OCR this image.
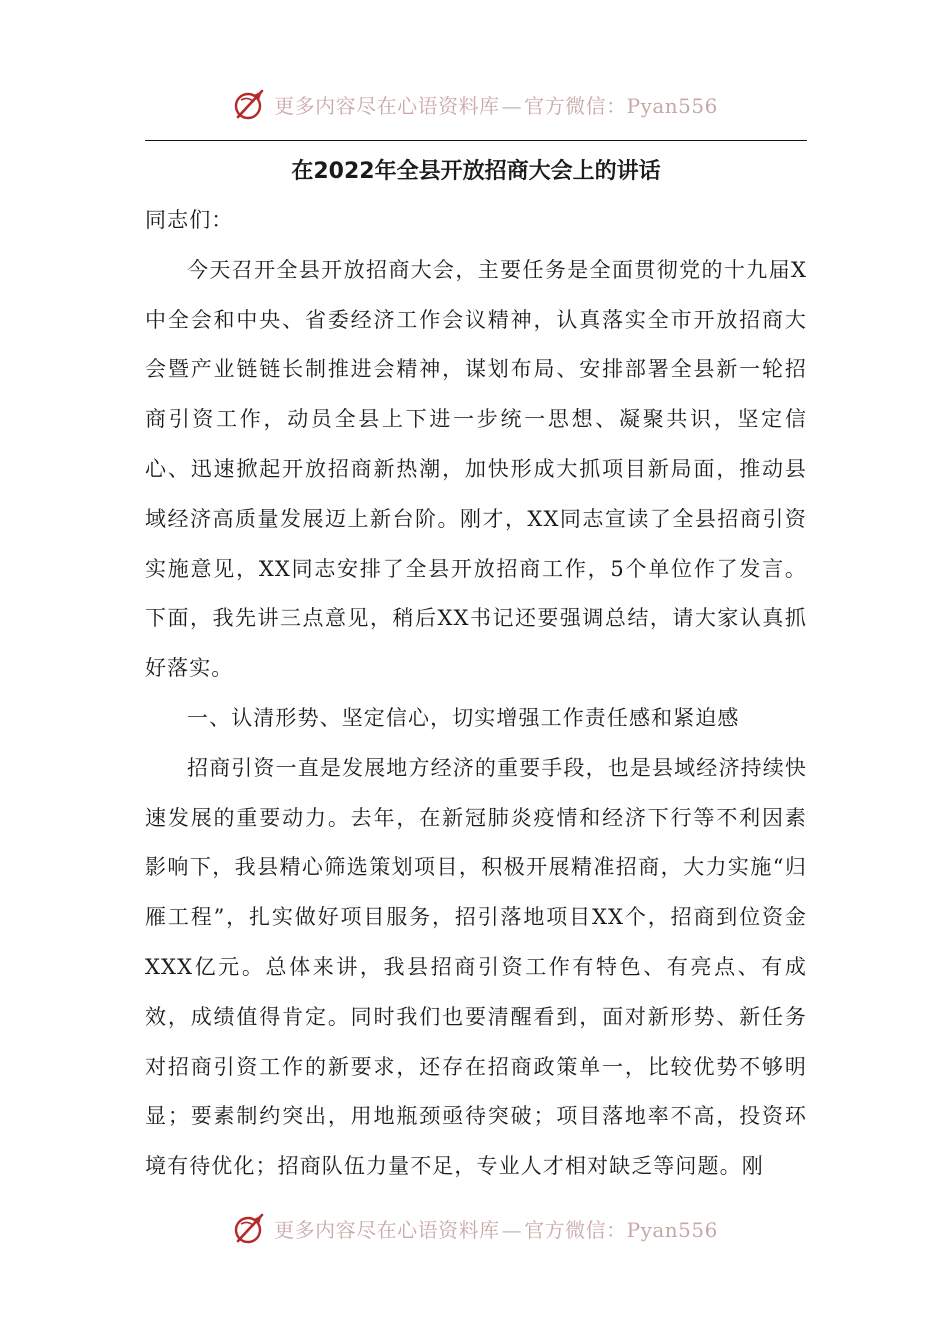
更多内容尽在心语资料库 — 官方微信：Pyan556
在2022年全县开放招商大会上的讲话

同志们：

今天召开全县开放招商大会，主要任务是全面贯彻党的十九届X中全会和中央、省委经济工作会议精神，认真落实全市开放招商大会暨产业链链长制推进会精神，谋划布局、安排部署全县新一轮招商引资工作，动员全县上下进一步统一思想、凝聚共识，坚定信心、迅速掀起开放招商新热潮，加快形成大抓项目新局面，推动县域经济高质量发展迈上新台阶。刚才，XX同志宣读了全县招商引资实施意见，XX同志安排了全县开放招商工作，5个单位作了发言。下面，我先讲三点意见，稍后XX书记还要强调总结，请大家认真抓好落实。

一、认清形势、坚定信心，切实增强工作责任感和紧迫感

招商引资一直是发展地方经济的重要手段，也是县域经济持续快速发展的重要动力。去年，在新冠肺炎疫情和经济下行等不利因素影响下，我县精心筛选策划项目，积极开展精准招商，大力实施“归雁工程”，扎实做好项目服务，招引落地项目XX个，招商到位资金XXX亿元。总体来讲，我县招商引资工作有特色、有亮点、有成效，成绩值得肯定。同时我们也要清醒看到，面对新形势、新任务对招商引资工作的新要求，还存在招商政策单一，比较优势不够明显；要素制约突出，用地瓶颈亟待突破；项目落地率不高，投资环境有待优化；招商队伍力量不足，专业人才相对缺乏等问题。刚

更多内容尽在心语资料库 — 官方微信：Pyan556
